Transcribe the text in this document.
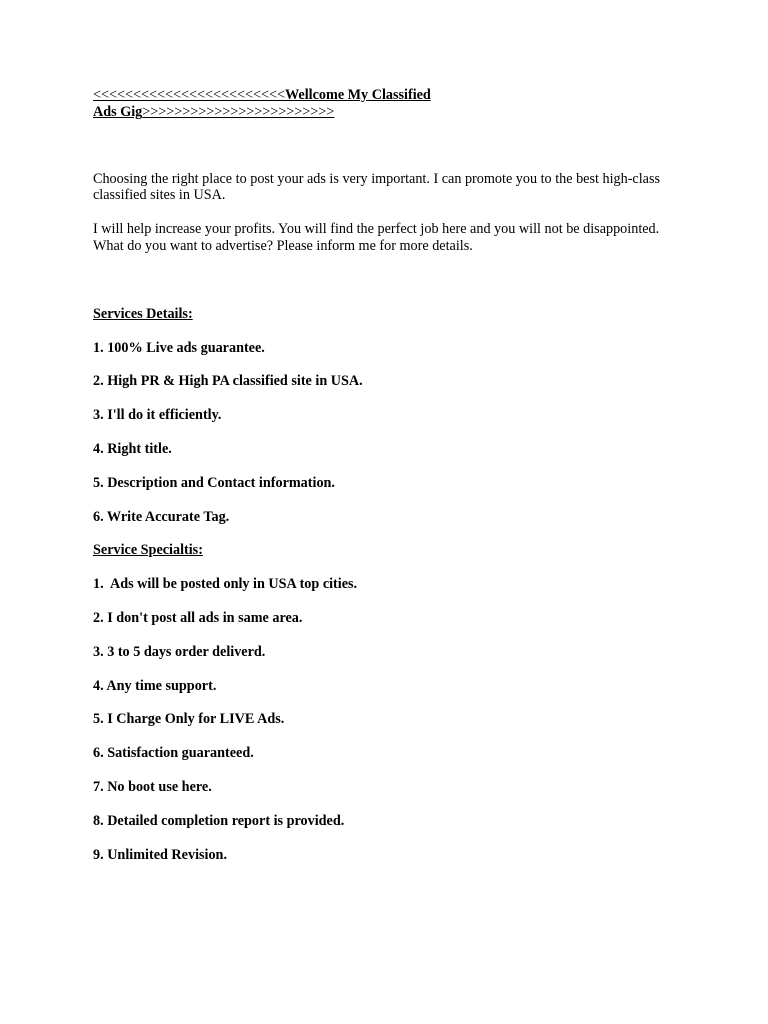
<<<<<<<<<<<<<<<<<<<<<<<<Wellcome My Classified
Ads Gig>>>>>>>>>>>>>>>>>>>>>>>>

Choosing the right place to post your ads is very important. I can promote you to the best high-class classified sites in USA.

I will help increase your profits. You will find the perfect job here and you will not be disappointed. What do you want to advertise? Please inform me for more details.

Services Details:

1. 100% Live ads guarantee.
2. High PR & High PA classified site in USA.
3. I'll do it efficiently.
4. Right title.
5. Description and Contact information.
6. Write Accurate Tag.

Service Specialtis:

1.  Ads will be posted only in USA top cities.
2. I don't post all ads in same area.
3. 3 to 5 days order deliverd.
4. Any time support.
5. I Charge Only for LIVE Ads.
6. Satisfaction guaranteed.
7. No boot use here.
8. Detailed completion report is provided.
9. Unlimited Revision.
